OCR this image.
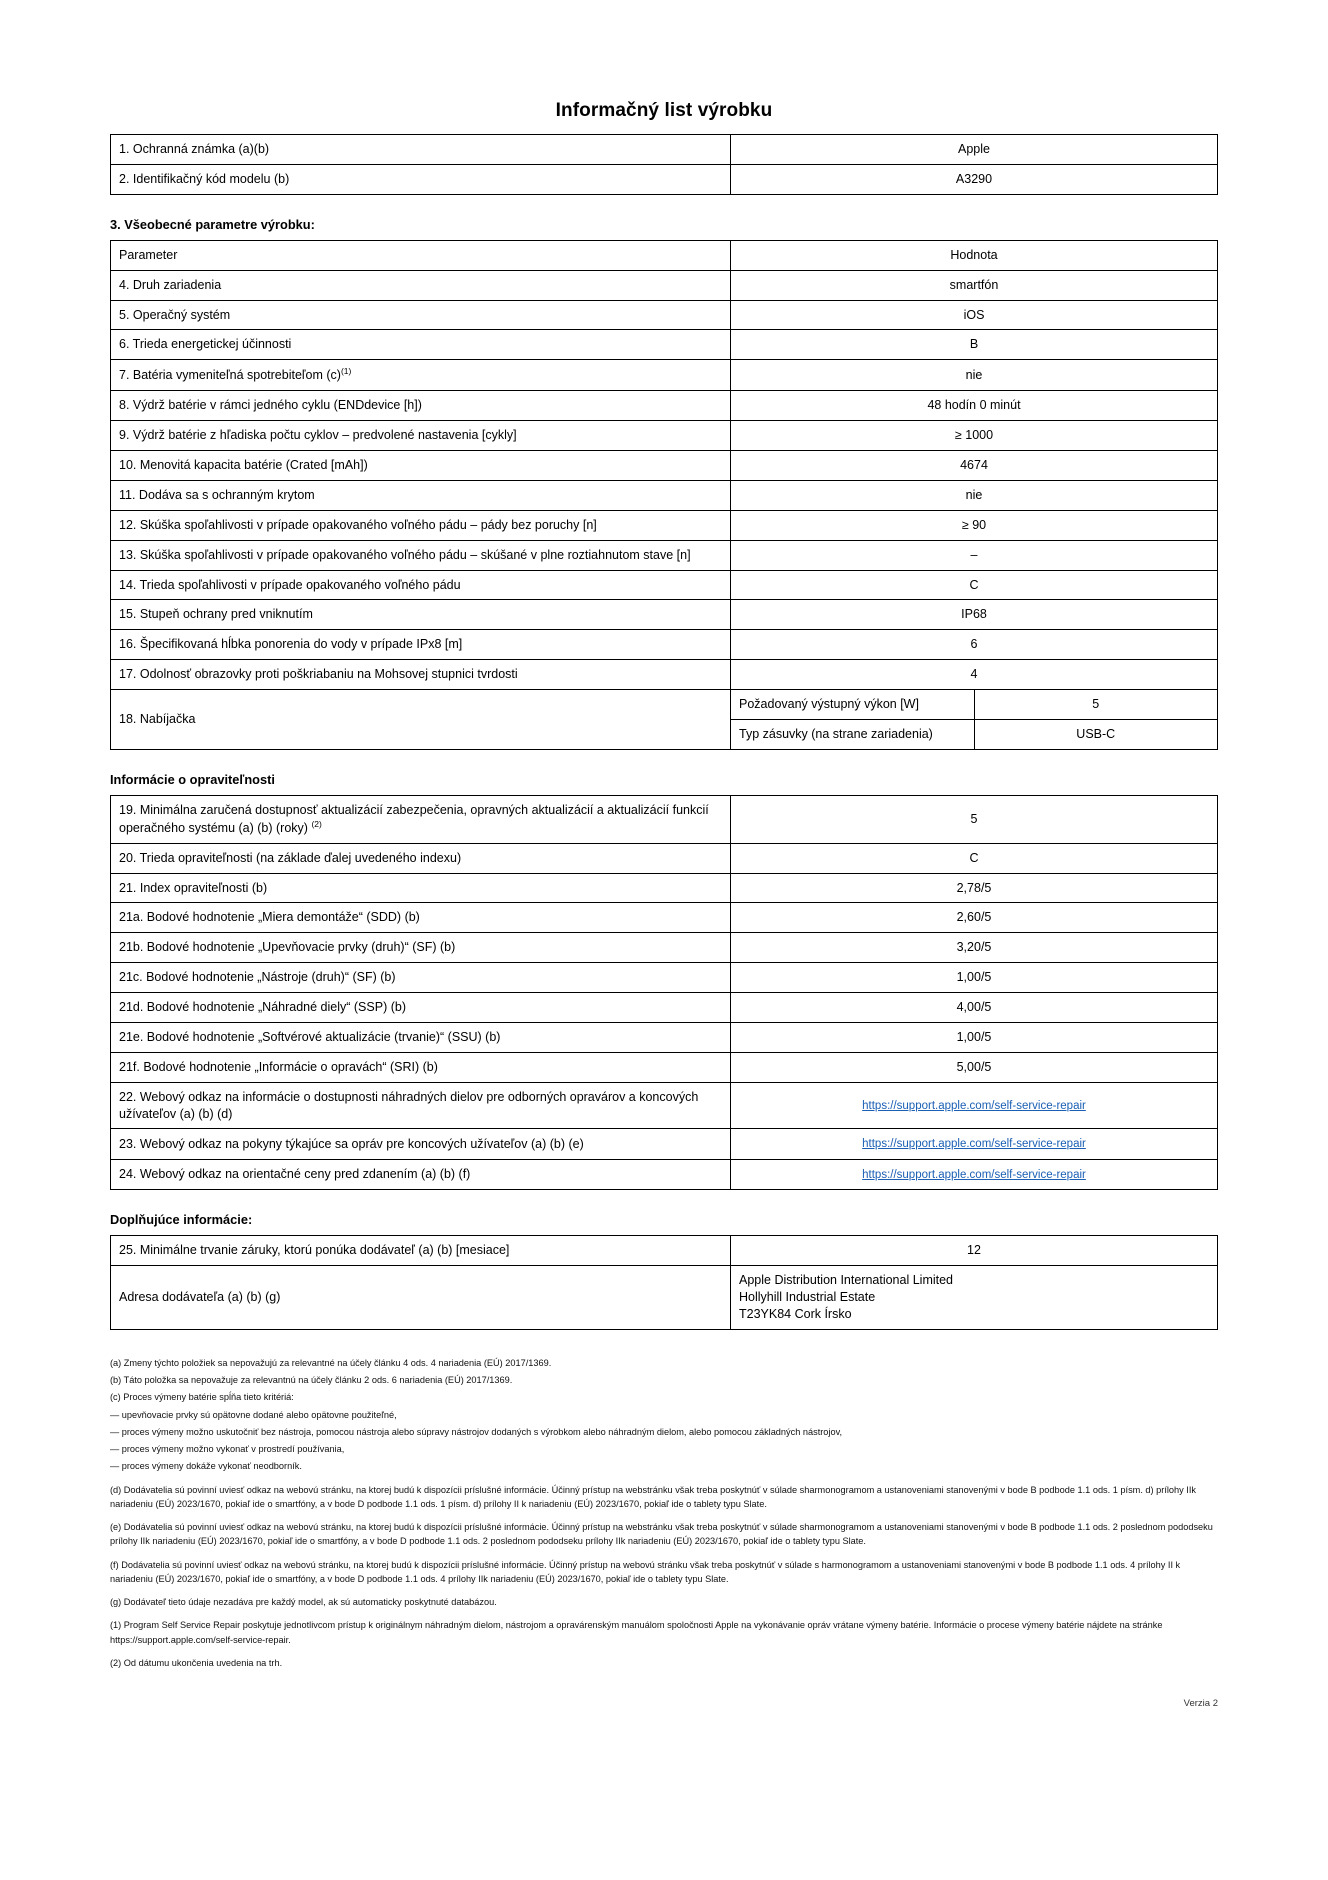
Informačný list výrobku
1. Ochranná známka (a)(b)	Apple
2. Identifikačný kód modelu (b)	A3290
3. Všeobecné parametre výrobku:
Parameter	Hodnota	
4. Druh zariadenia	smartfón	
5. Operačný systém	iOS	
6. Trieda energetickej účinnosti	B	
7. Batéria vymeniteľná spotrebiteľom $(c)^{(1)}$	nie	
8. Výdrž batérie v rámci jedného cyklu (ENDdevice [h])	48 hodín 0 minút	
9. Výdrž batérie z hľadiska počtu cyklov – predvolené nastavenia [cykly]	≥ 1000	
10. Menovitá kapacita batérie (Crated [mAh])	4674	
11. Dodáva sa s ochranným krytom	nie	
12. Skúška spoľahlivosti v prípade opakovaného voľného pádu – pády bez poruchy [n]	≥ 90	
13. Skúška spoľahlivosti v prípade opakovaného voľného pádu – skúšané v plne roztiahnutom stave [n]	–	
14. Trieda spoľahlivosti v prípade opakovaného voľného pádu	C	
15. Stupeň ochrany pred vniknutím	IP68	
16. Špecifikovaná hĺbka ponorenia do vody v prípade IPx8 [m]	6	
17. Odolnosť obrazovky proti poškriabaniu na Mohsovej stupnici tvrdosti	4	
18. Nabíjačka	Požadovaný výstupný výkon [W]	5
	Typ zásuvky (na strane zariadenia)	USB-C
Informácie o opraviteľnosti
19. Minimálna zaručená dostupnosť aktualizácií zabezpečenia, opravných aktualizácií a aktualizácií funkcií operačného systému (a) (b) (roky) $^{(2)}$	5
20. Trieda opraviteľnosti (na základe ďalej uvedeného indexu)	C
21. Index opraviteľnosti (b)	2,78/5
21a. Bodové hodnotenie „Miera demontáže“ (SDD) (b)	2,60/5
21b. Bodové hodnotenie „Upevňovacie prvky (druh)“ (SF) (b)	3,20/5
21c. Bodové hodnotenie „Nástroje (druh)“ (SF) (b)	1,00/5
21d. Bodové hodnotenie „Náhradné diely“ (SSP) (b)	4,00/5
21e. Bodové hodnotenie „Softvérové aktualizácie (trvanie)“ (SSU) (b)	1,00/5
21f. Bodové hodnotenie „Informácie o opravách“ (SRI) (b)	5,00/5
22. Webový odkaz na informácie o dostupnosti náhradných dielov pre odborných opravárov a koncových užívateľov (a) (b) (d)	https://support.apple.com/self-service-repair
23. Webový odkaz na pokyny týkajúce sa opráv pre koncových užívateľov (a) (b) (e)	https://support.apple.com/self-service-repair
24. Webový odkaz na orientačné ceny pred zdanením (a) (b) (f)	https://support.apple.com/self-service-repair
Doplňujúce informácie:
25. Minimálne trvanie záruky, ktorú ponúka dodávateľ (a) (b) [mesiace]	12
Adresa dodávateľa (a) (b) (g)	Apple Distribution International Limited
Hollyhill Industrial Estate
T23YK84 Cork Írsko

(a) Zmeny týchto položiek sa nepovažujú za relevantné na účely článku 4 ods. 4 nariadenia (EÚ) 2017/1369.

(b) Táto položka sa nepovažuje za relevantnú na účely článku 2 ods. 6 nariadenia (EÚ) 2017/1369.

(c) Proces výmeny batérie spĺňa tieto kritériá:

— upevňovacie prvky sú opätovne dodané alebo opätovne použiteľné,

— proces výmeny možno uskutočniť bez nástroja, pomocou nástroja alebo súpravy nástrojov dodaných s výrobkom alebo náhradným dielom, alebo pomocou základných nástrojov,

— proces výmeny možno vykonať v prostredí používania,

— proces výmeny dokáže vykonať neodborník.

(d) Dodávatelia sú povinní uviesť odkaz na webovú stránku, na ktorej budú k dispozícii príslušné informácie. Účinný prístup na webstránku však treba poskytnúť v súlade sharmonogramom a ustanoveniami stanovenými v bode B podbode 1.1 ods. 1 písm. d) prílohy IIk nariadeniu (EÚ) 2023/1670, pokiaľ ide o smartfóny, a v bode D podbode 1.1 ods. 1 písm. d) prílohy II k nariadeniu (EÚ) 2023/1670, pokiaľ ide o tablety typu Slate.

(e) Dodávatelia sú povinní uviesť odkaz na webovú stránku, na ktorej budú k dispozícii príslušné informácie. Účinný prístup na webstránku však treba poskytnúť v súlade sharmonogramom a ustanoveniami stanovenými v bode B podbode 1.1 ods. 2 poslednom pododseku prílohy IIk nariadeniu (EÚ) 2023/1670, pokiaľ ide o smartfóny, a v bode D podbode 1.1 ods. 2 poslednom pododseku prílohy IIk nariadeniu (EÚ) 2023/1670, pokiaľ ide o tablety typu Slate.

(f) Dodávatelia sú povinní uviesť odkaz na webovú stránku, na ktorej budú k dispozícii príslušné informácie. Účinný prístup na webovú stránku však treba poskytnúť v súlade s harmonogramom a ustanoveniami stanovenými v bode B podbode 1.1 ods. 4 prílohy II k nariadeniu (EÚ) 2023/1670, pokiaľ ide o smartfóny, a v bode D podbode 1.1 ods. 4 prílohy IIk nariadeniu (EÚ) 2023/1670, pokiaľ ide o tablety typu Slate.

(g) Dodávateľ tieto údaje nezadáva pre každý model, ak sú automaticky poskytnuté databázou.

(1) Program Self Service Repair poskytuje jednotlivcom prístup k originálnym náhradným dielom, nástrojom a opravárenským manuálom spoločnosti Apple na vykonávanie opráv vrátane výmeny batérie. Informácie o procese výmeny batérie nájdete na stránke https://support.apple.com/self-service-repair.

(2) Od dátumu ukončenia uvedenia na trh.

Verzia 2
